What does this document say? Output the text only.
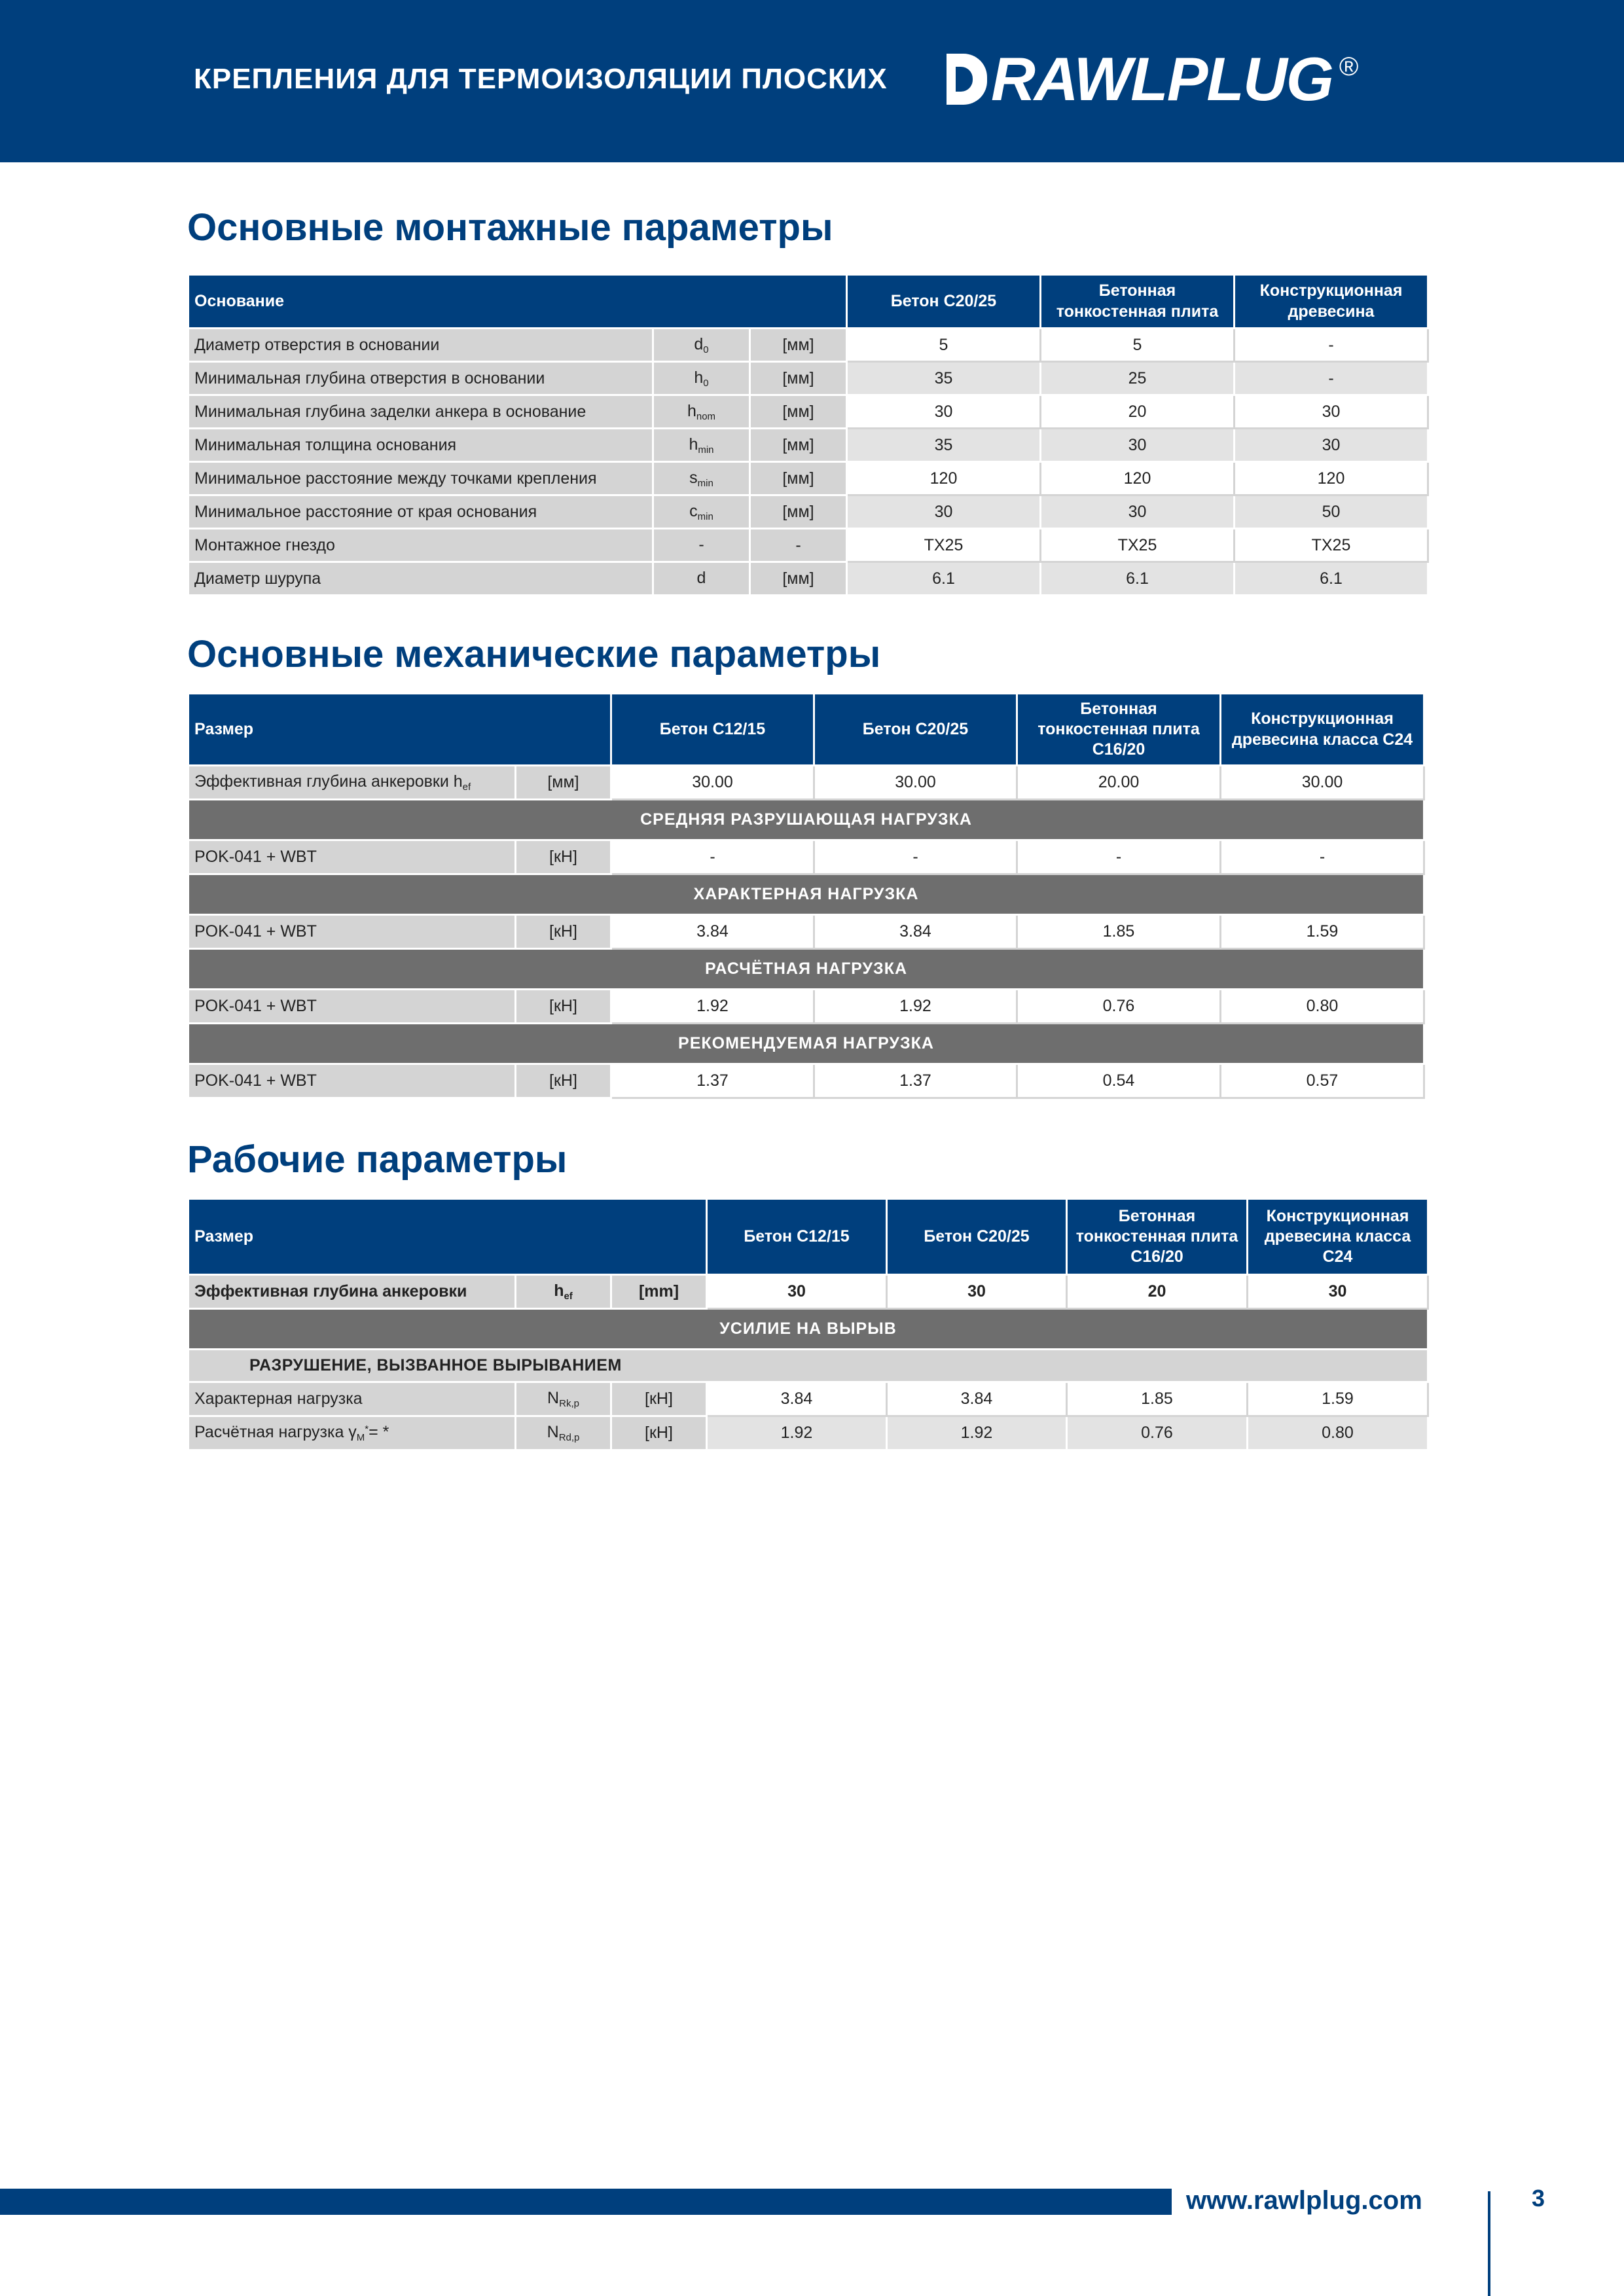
КРЕПЛЕНИЯ ДЛЯ ТЕРМОИЗОЛЯЦИИ ПЛОСКИХ RAWLPLUG ®
Основные монтажные параметры
Основание			Бетон C20/25	Бетонная тонкостенная плита	Конструкционная древесина
Диаметр отверстия в основании	$d_0$	[мм]	5	5	-
Минимальная глубина отверстия в основании	$h_0$	[мм]	35	25	-
Минимальная глубина заделки анкера в основание	$h_{nom}$	[мм]	30	20	30
Минимальная толщина основания	$h_{min}$	[мм]	35	30	30
Минимальное расстояние между точками крепления	$s_{min}$	[мм]	120	120	120
Минимальное расстояние от края основания	$c_{min}$	[мм]	30	30	50
Монтажное гнездо	-	-	TX25	TX25	TX25
Диаметр шурупа	d	[мм]	6.1	6.1	6.1
Основные механические параметры
Размер		Бетон C12/15	Бетон C20/25	Бетонная тонкостенная плита C16/20	Конструкционная древесина класса C24
Эффективная глубина анкеровки $h_{ef}$	[мм]	30.00	30.00	20.00	30.00
СРЕДНЯЯ РАЗРУШАЮЩАЯ НАГРУЗКА					
POK-041 + WBT	[кН]	-	-	-	-
ХАРАКТЕРНАЯ НАГРУЗКА					
POK-041 + WBT	[кН]	3.84	3.84	1.85	1.59
РАСЧЁТНАЯ НАГРУЗКА					
POK-041 + WBT	[кН]	1.92	1.92	0.76	0.80
РЕКОМЕНДУЕМАЯ НАГРУЗКА					
POK-041 + WBT	[кН]	1.37	1.37	0.54	0.57
Рабочие параметры
Размер			Бетон C12/15	Бетон C20/25	Бетонная тонкостенная плита C16/20	Конструкционная древесина класса C24
Эффективная глубина анкеровки	$h_{ef}$	[mm]	30	30	20	30
УСИЛИЕ НА ВЫРЫВ						
РАЗРУШЕНИЕ, ВЫЗВАННОЕ ВЫРЫВАНИЕМ						
Характерная нагрузка	$N_{Rk,p}$	[кН]	3.84	3.84	1.85	1.59
Расчётная нагрузка $\gamma_M^*=$ *	$N_{Rd,p}$	[кН]	1.92	1.92	0.76	0.80
www.rawlplug.com	3
